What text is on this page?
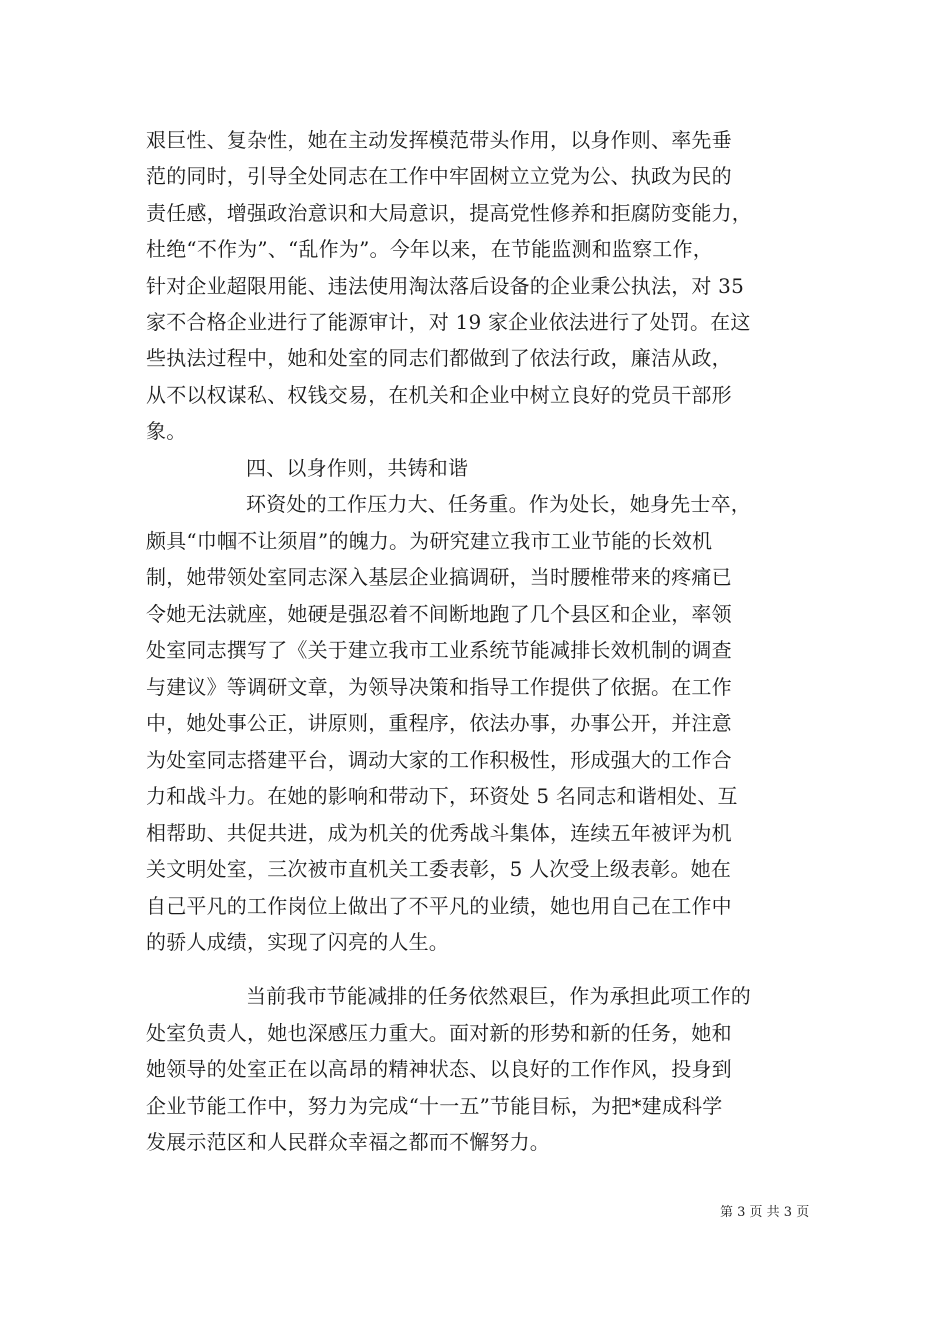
艰巨性、复杂性，她在主动发挥模范带头作用，以身作则、率先垂
范的同时，引导全处同志在工作中牢固树立立党为公、执政为民的
责任感，增强政治意识和大局意识，提高党性修养和拒腐防变能力，
杜绝“不作为”、“乱作为”。今年以来，在节能监测和监察工作，
针对企业超限用能、违法使用淘汰落后设备的企业秉公执法，对 35
家不合格企业进行了能源审计，对 19 家企业依法进行了处罚。在这
些执法过程中，她和处室的同志们都做到了依法行政，廉洁从政，
从不以权谋私、权钱交易，在机关和企业中树立良好的党员干部形
象。
四、以身作则，共铸和谐
环资处的工作压力大、任务重。作为处长，她身先士卒，
颇具“巾帼不让须眉”的魄力。为研究建立我市工业节能的长效机
制，她带领处室同志深入基层企业搞调研，当时腰椎带来的疼痛已
令她无法就座，她硬是强忍着不间断地跑了几个县区和企业，率领
处室同志撰写了《关于建立我市工业系统节能减排长效机制的调查
与建议》等调研文章，为领导决策和指导工作提供了依据。在工作
中，她处事公正，讲原则，重程序，依法办事，办事公开，并注意
为处室同志搭建平台，调动大家的工作积极性，形成强大的工作合
力和战斗力。在她的影响和带动下，环资处 5 名同志和谐相处、互
相帮助、共促共进，成为机关的优秀战斗集体，连续五年被评为机
关文明处室，三次被市直机关工委表彰，5 人次受上级表彰。她在
自己平凡的工作岗位上做出了不平凡的业绩，她也用自己在工作中
的骄人成绩，实现了闪亮的人生。
当前我市节能减排的任务依然艰巨，作为承担此项工作的
处室负责人，她也深感压力重大。面对新的形势和新的任务，她和
她领导的处室正在以高昂的精神状态、以良好的工作作风，投身到
企业节能工作中，努力为完成“十一五”节能目标，为把*建成科学
发展示范区和人民群众幸福之都而不懈努力。
第 3 页 共 3 页
